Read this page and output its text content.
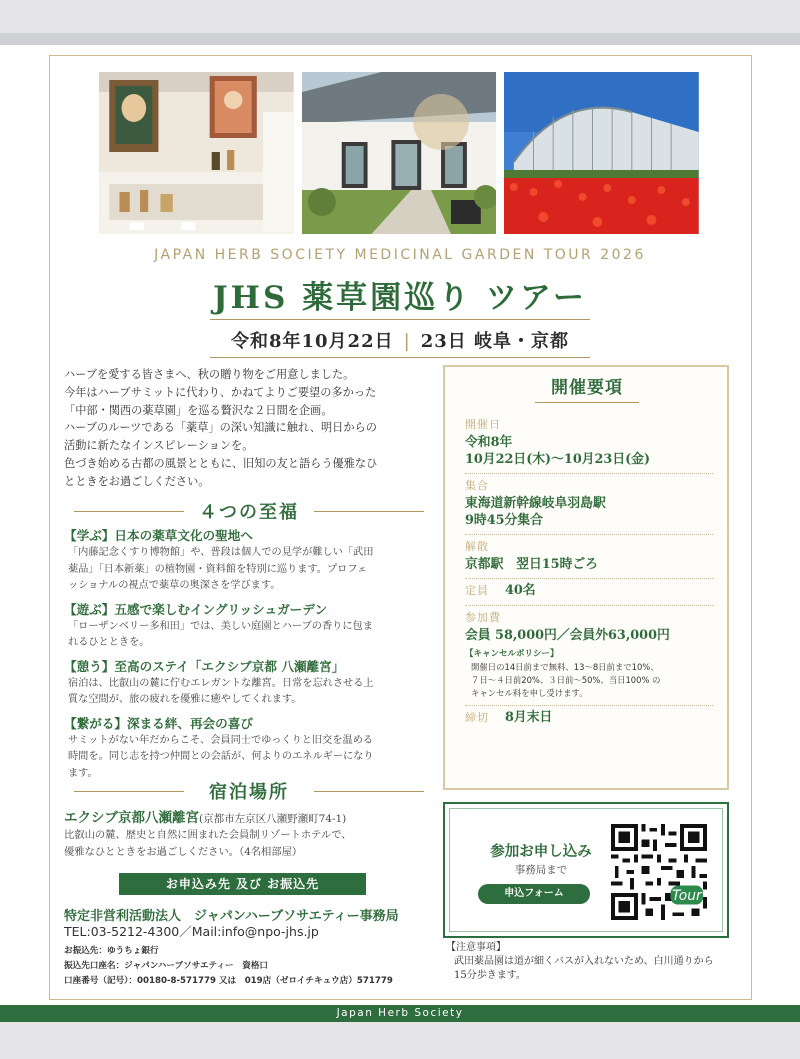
JAPAN HERB SOCIETY MEDICINAL GARDEN TOUR 2026
JHS 薬草園巡り ツアー
令和8年10月22日 | 23日 岐阜・京都
ハーブを愛する皆さまへ、秋の贈り物をご用意しました。
今年はハーブサミットに代わり、かねてよりご要望の多かった
「中部・関西の薬草園」を巡る贅沢な２日間を企画。
ハーブのルーツである「薬草」の深い知識に触れ、明日からの
活動に新たなインスピレーションを。
色づき始める古都の風景とともに、旧知の友と語らう優雅なひ
とときをお過ごしください。
４つの至福
【学ぶ】日本の薬草文化の聖地へ
「内藤記念くすり博物館」や、普段は個人での見学が難しい「武田
薬品」「日本新薬」の植物園・資料館を特別に巡ります。プロフェ
ッショナルの視点で薬草の奥深さを学びます。
【遊ぶ】五感で楽しむイングリッシュガーデン
「ローザンベリー多和田」では、美しい庭園とハーブの香りに包ま
れるひとときを。
【憩う】至高のステイ「エクシブ京都 八瀬離宮」
宿泊は、比叡山の麓に佇むエレガントな離宮。日常を忘れさせる上
質な空間が、旅の疲れを優雅に癒やしてくれます。
【繋がる】深まる絆、再会の喜び
サミットがない年だからこそ、会員同士でゆっくりと旧交を温める
時間を。同じ志を持つ仲間との会話が、何よりのエネルギーになり
ます。
宿泊場所
エクシブ京都八瀬離宮(京都市左京区八瀬野瀬町74-1)
比叡山の麓、歴史と自然に囲まれた会員制リゾートホテルで、
優雅なひとときをお過ごしください。（4名相部屋）
お申込み先 及び お振込先
特定非営利活動法人　ジャパンハーブソサエティー事務局
TEL:03-5212-4300／Mail:info@npo-jhs.jp
お振込先：ゆうちょ銀行
振込先口座名：ジャパンハーブソサエティー　資格口
口座番号（記号）：00180-8-571779 又は　019店（ゼロイチキュウ店）571779
開催要項
開催日
令和8年
10月22日(木)〜10月23日(金)
集合
東海道新幹線岐阜羽島駅
9時45分集合
解散
京都駅　翌日15時ごろ
定員 40名
参加費
会員 58,000円／会員外63,000円
【キャンセルポリシー】
開催日の14日前まで無料、13〜8日前まで10%、
７日〜４日前20%、３日前〜50%、当日100% の
キャンセル料を申し受けます。
締切 8月末日
参加お申し込み
事務局まで
申込フォーム	Tour
【注意事項】
武田薬品園は道が細くバスが入れないため、白川通りから
15分歩きます。
Japan Herb Society
